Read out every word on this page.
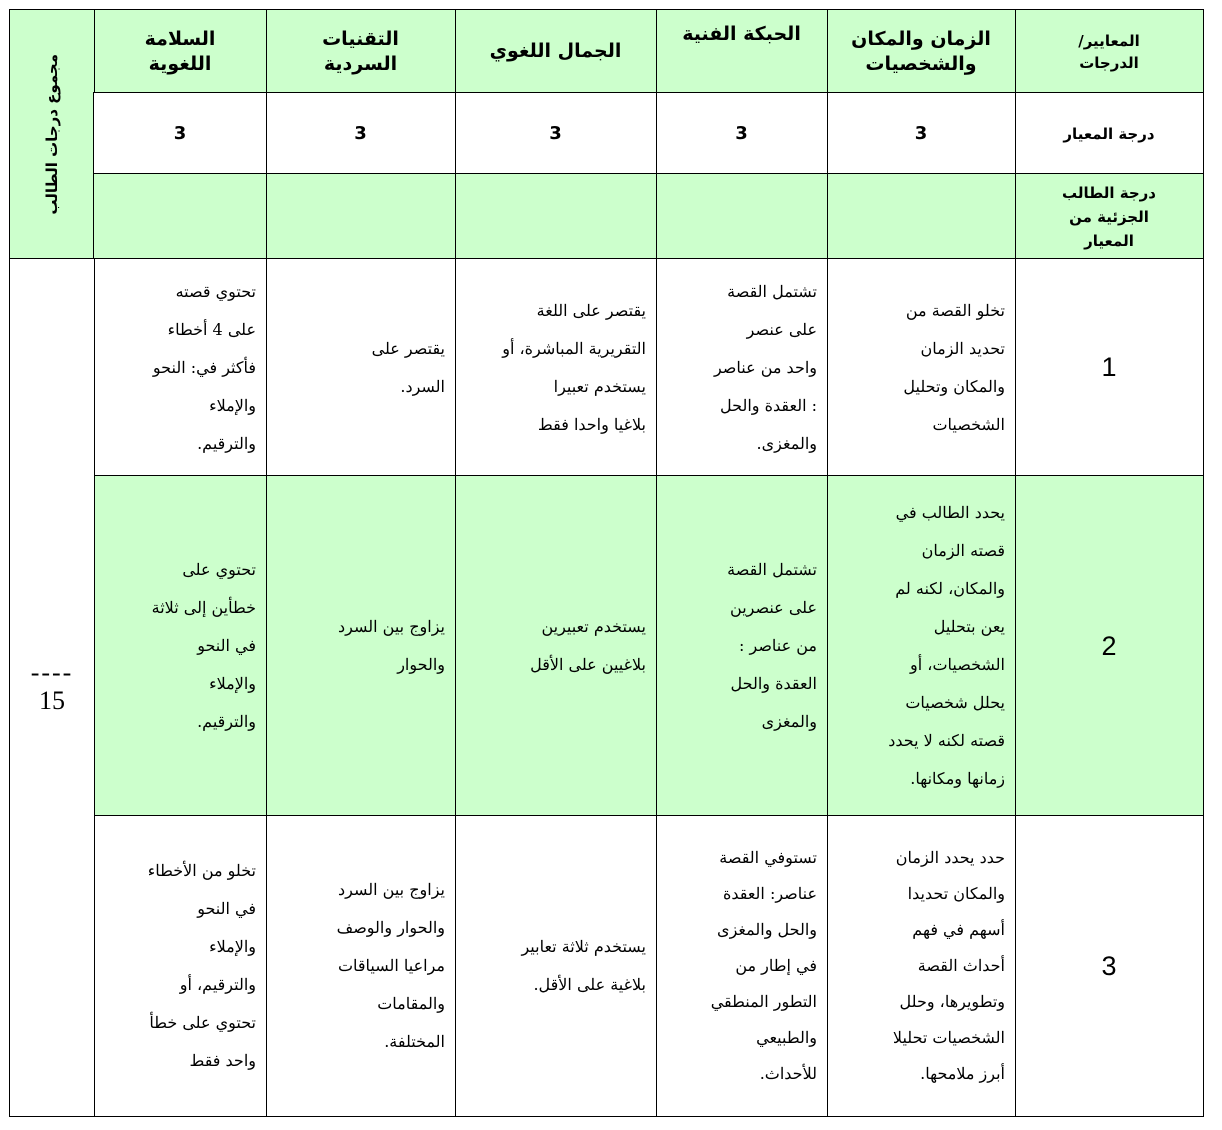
المعايير/
الدرجات
الزمان والمكان
والشخصيات
الحبكة الفنية
الجمال اللغوي
التقنيات
السردية
السلامة
اللغوية
مجموع درجات الطالب	درجة المعيار
3
3
3
3
3
درجة الطالب
الجزئية من
المعيار
1
تخلو القصة من
تحديد الزمان
والمكان وتحليل
الشخصيات
تشتمل القصة
على عنصر
واحد من عناصر
: العقدة والحل
والمغزى.
يقتصر على اللغة
التقريرية المباشرة، أو
يستخدم تعبيرا
بلاغيا واحدا فقط
يقتصر على
السرد.
تحتوي قصته
على 4 أخطاء
فأكثر في: النحو
والإملاء
والترقيم.
2
يحدد الطالب في
قصته الزمان
والمكان، لكنه لم
يعن بتحليل
الشخصيات، أو
يحلل شخصيات
قصته لكنه لا يحدد
زمانها ومكانها.
تشتمل القصة
على عنصرين
من عناصر :
العقدة والحل
والمغزى
يستخدم تعبيرين
بلاغيين على الأقل
يزاوج بين السرد
والحوار
تحتوي على
خطأين إلى ثلاثة
في النحو
والإملاء
والترقيم.
3
حدد يحدد الزمان
والمكان تحديدا
أسهم في فهم
أحداث القصة
وتطويرها، وحلل
الشخصيات تحليلا
أبرز ملامحها.
تستوفي القصة
عناصر: العقدة
والحل والمغزى
في إطار من
التطور المنطقي
والطبيعي
للأحداث.
يستخدم ثلاثة تعابير
بلاغية على الأقل.
يزاوج بين السرد
والحوار والوصف
مراعيا السياقات
والمقامات
المختلفة.
تخلو من الأخطاء
في النحو
والإملاء
والترقيم، أو
تحتوي على خطأ
واحد فقط
----
15
